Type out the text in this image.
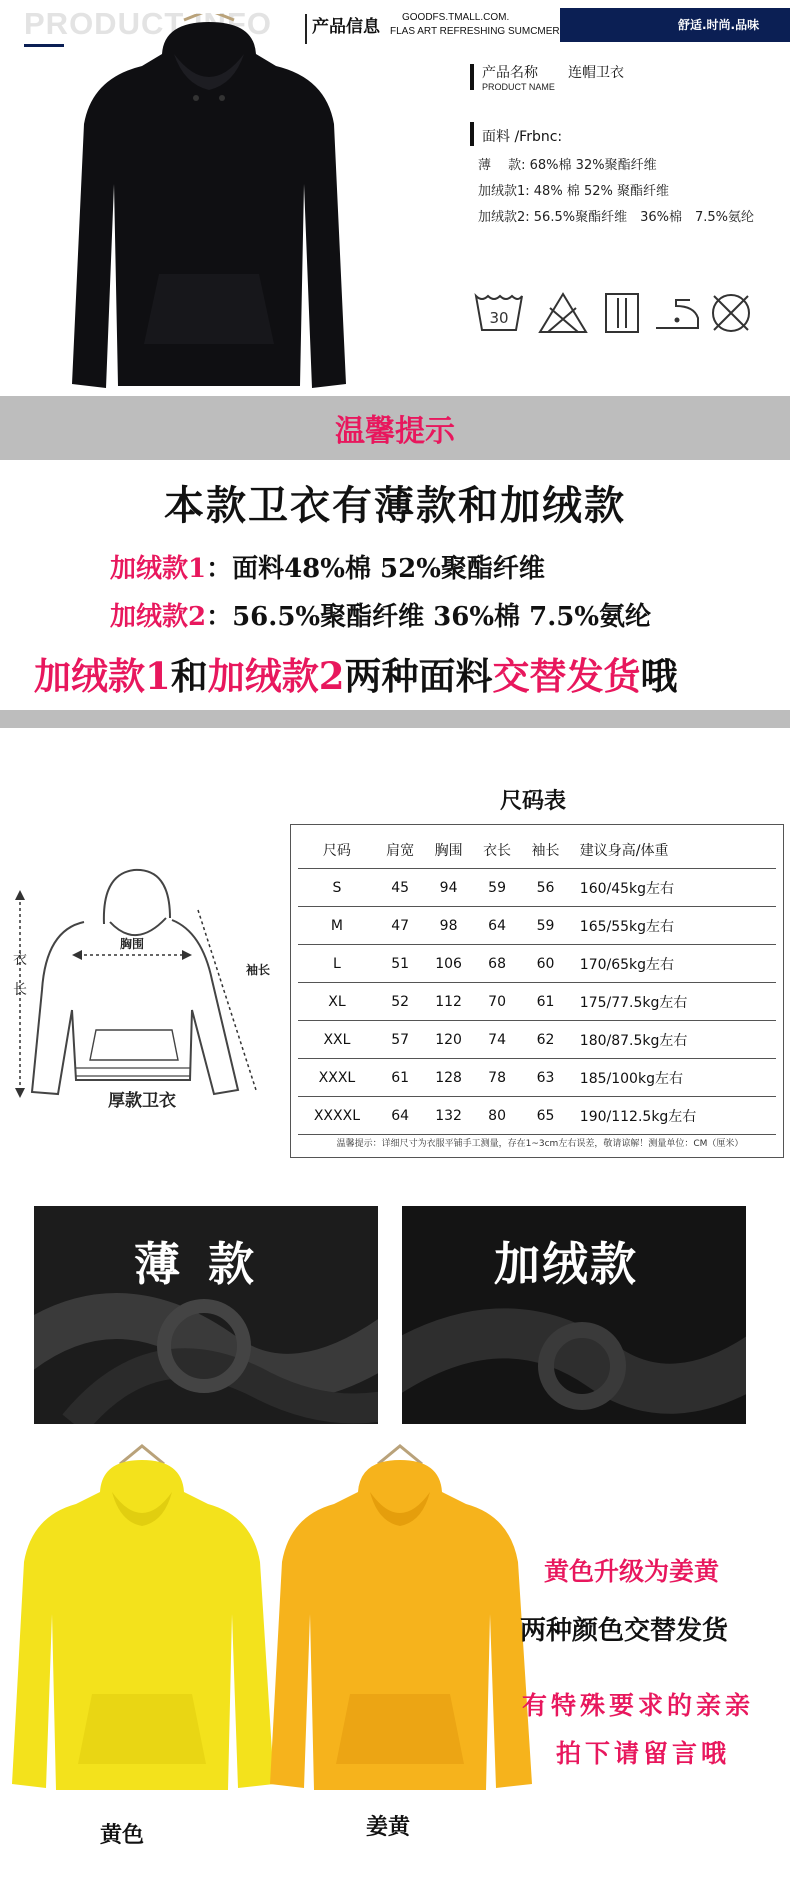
PRODUCT INFO 产品信息 GOODFS.TMALL.COM.
FLAS ART REFRESHING SUMCMER	舒适.时尚.品味
产品名称
PRODUCT NAME
连帽卫衣
面料 /Frbnc:
薄　 款: 68%棉 32%聚酯纤维
加绒款1: 48% 棉 52% 聚酯纤维
加绒款2: 56.5%聚酯纤维　36%棉　7.5%氨纶
30
温馨提示
本款卫衣有薄款和加绒款
加绒款1：面料48%棉 52%聚酯纤维
加绒款2：56.5%聚酯纤维 36%棉 7.5%氨纶
加绒款1和加绒款2两种面料交替发货哦
尺码表
胸围
袖长
衣
长
厚款卫衣
尺码	肩宽	胸围	衣长	袖长	建议身高/体重
S	45	94	59	56	160/45kg左右
M	47	98	64	59	165/55kg左右
L	51	106	68	60	170/65kg左右
XL	52	112	70	61	175/77.5kg左右
XXL	57	120	74	62	180/87.5kg左右
XXXL	61	128	78	63	185/100kg左右
XXXXL	64	132	80	65	190/112.5kg左右
温馨提示：详细尺寸为衣服平铺手工测量，存在1~3cm左右误差，敬请谅解！测量单位：CM（厘米）
薄 款	加绒款
黄色	姜黄
黄色升级为姜黄
两种颜色交替发货
有特殊要求的亲亲
拍下请留言哦
